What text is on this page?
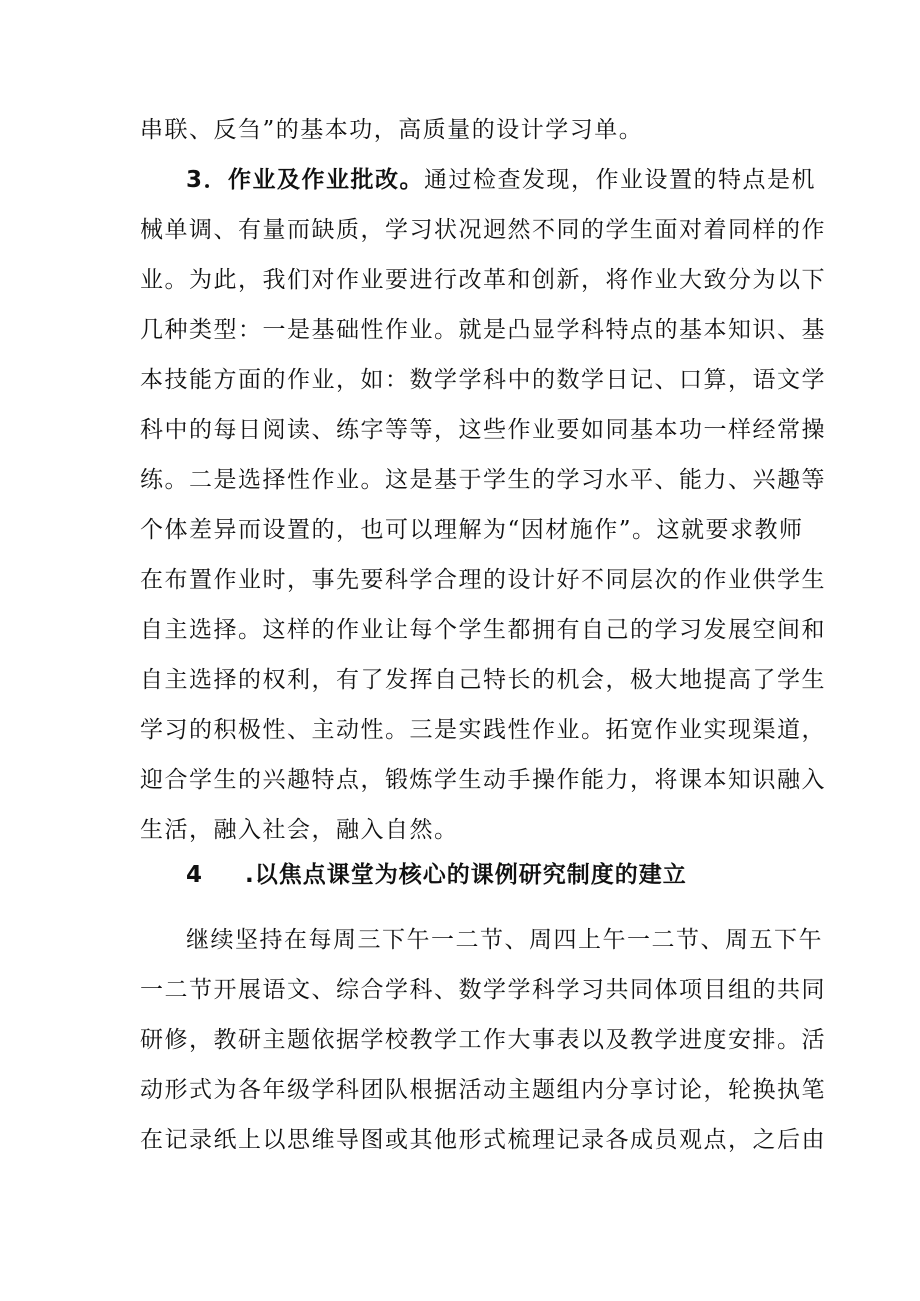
串联、反刍”的基本功，高质量的设计学习单。
3．作业及作业批改。通过检查发现，作业设置的特点是机
械单调、有量而缺质，学习状况迥然不同的学生面对着同样的作
业。为此，我们对作业要进行改革和创新，将作业大致分为以下
几种类型：一是基础性作业。就是凸显学科特点的基本知识、基
本技能方面的作业，如：数学学科中的数学日记、口算，语文学
科中的每日阅读、练字等等，这些作业要如同基本功一样经常操
练。二是选择性作业。这是基于学生的学习水平、能力、兴趣等
个体差异而设置的，也可以理解为“因材施作”。这就要求教师
在布置作业时，事先要科学合理的设计好不同层次的作业供学生
自主选择。这样的作业让每个学生都拥有自己的学习发展空间和
自主选择的权利，有了发挥自己特长的机会，极大地提高了学生
学习的积极性、主动性。三是实践性作业。拓宽作业实现渠道，
迎合学生的兴趣特点，锻炼学生动手操作能力，将课本知识融入
生活，融入社会，融入自然。
4 .以焦点课堂为核心的课例研究制度的建立
继续坚持在每周三下午一二节、周四上午一二节、周五下午
一二节开展语文、综合学科、数学学科学习共同体项目组的共同
研修，教研主题依据学校教学工作大事表以及教学进度安排。活
动形式为各年级学科团队根据活动主题组内分享讨论，轮换执笔
在记录纸上以思维导图或其他形式梳理记录各成员观点，之后由
